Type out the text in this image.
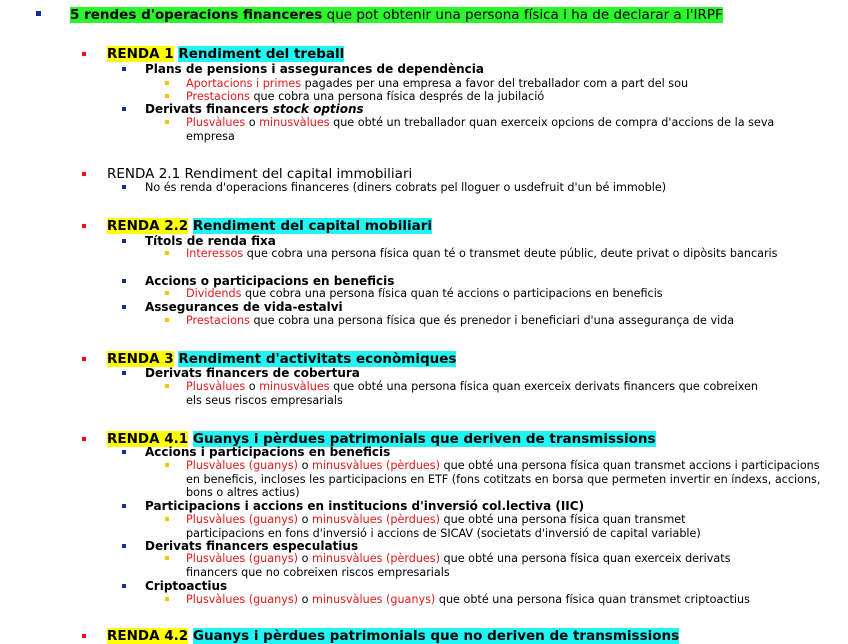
5 rendes d'operacions financeres que pot obtenir una persona física i ha de declarar a l'IRPF
RENDA 1 Rendiment del treball
Plans de pensions i assegurances de dependència
Aportacions i primes pagades per una empresa a favor del treballador com a part del sou
Prestacions que cobra una persona física després de la jubilació
Derivats financers stock options
Plusvàlues o minusvàlues que obté un treballador quan exerceix opcions de compra d'accions de la seva empresa
RENDA 2.1 Rendiment del capital immobiliari
No és renda d'operacions financeres (diners cobrats pel lloguer o usdefruit d'un bé immoble)
RENDA 2.2 Rendiment del capital mobiliari
Títols de renda fixa
Interessos que cobra una persona física quan té o transmet deute públic, deute privat o dipòsits bancaris
Accions o participacions en beneficis
Dividends que cobra una persona física quan té accions o participacions en beneficis
Assegurances de vida-estalvi
Prestacions que cobra una persona física que és prenedor i beneficiari d'una assegurança de vida
RENDA 3 Rendiment d'activitats econòmiques
Derivats financers de cobertura
Plusvàlues o minusvàlues que obté una persona física quan exerceix derivats financers que cobreixen els seus riscos empresarials
RENDA 4.1 Guanys i pèrdues patrimonials que deriven de transmissions
Accions i participacions en beneficis
Plusvàlues (guanys) o minusvàlues (pèrdues) que obté una persona física quan transmet accions i participacions en beneficis, incloses les participacions en ETF (fons cotitzats en borsa que permeten invertir en índexs, accions, bons o altres actius)
Participacions i accions en institucions d'inversió col.lectiva (IIC)
Plusvàlues (guanys) o minusvàlues (pèrdues) que obté una persona física quan transmet participacions en fons d'inversió i accions de SICAV (societats d'inversió de capital variable)
Derivats financers especulatius
Plusvàlues (guanys) o minusvàlues (pèrdues) que obté una persona física quan exerceix derivats financers que no cobreixen riscos empresarials
Criptoactius
Plusvàlues (guanys) o minusvàlues (guanys) que obté una persona física quan transmet criptoactius
RENDA 4.2 Guanys i pèrdues patrimonials que no deriven de transmissions
